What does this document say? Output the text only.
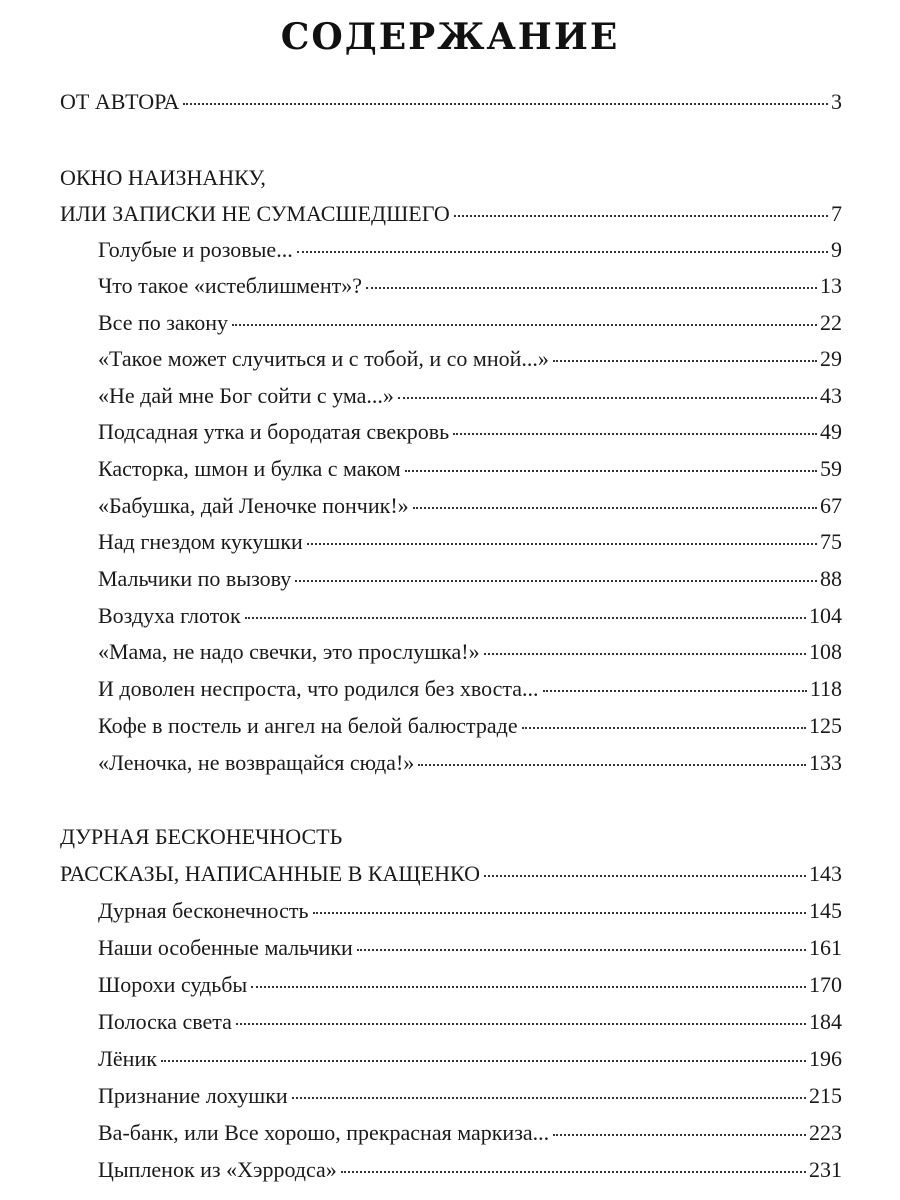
СОДЕРЖАНИЕ
ОТ АВТОРА	3
ОКНО НАИЗНАНКУ,
ИЛИ ЗАПИСКИ НЕ СУМАСШЕДШЕГО	7
Голубые и розовые...	9
Что такое «истеблишмент»?	13
Все по закону	22
«Такое может случиться и с тобой, и со мной...»	29
«Не дай мне Бог сойти с ума...»	43
Подсадная утка и бородатая свекровь	49
Касторка, шмон и булка с маком	59
«Бабушка, дай Леночке пончик!»	67
Над гнездом кукушки	75
Мальчики по вызову	88
Воздуха глоток	104
«Мама, не надо свечки, это прослушка!»	108
И доволен неспроста, что родился без хвоста...	118
Кофе в постель и ангел на белой балюстраде	125
«Леночка, не возвращайся сюда!»	133
ДУРНАЯ БЕСКОНЕЧНОСТЬ
РАССКАЗЫ, НАПИСАННЫЕ В КАЩЕНКО	143
Дурная бесконечность	145
Наши особенные мальчики	161
Шорохи судьбы	170
Полоска света	184
Лёник	196
Признание лохушки	215
Ва-банк, или Все хорошо, прекрасная маркиза...	223
Цыпленок из «Хэрродса»	231
